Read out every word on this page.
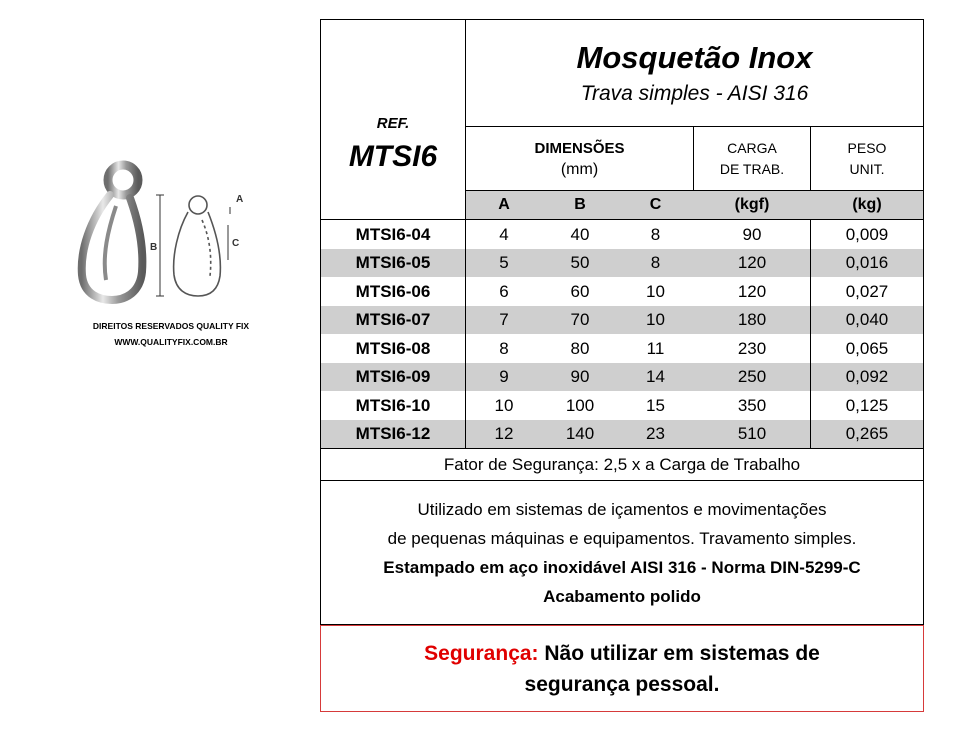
A
B	C
DIREITOS RESERVADOS QUALITY FIX
WWW.QUALITYFIX.COM.BR
REF.
MTSI6
Mosquetão Inox
Trava simples - AISI 316
DIMENSÕES
(mm)
CARGA
DE TRAB.
PESO
UNIT.
A	B	C	(kgf)	(kg)
MTSI6-04	4	40	8	90	0,009
MTSI6-05	5	50	8	120	0,016
MTSI6-06	6	60	10	120	0,027
MTSI6-07	7	70	10	180	0,040
MTSI6-08	8	80	11	230	0,065
MTSI6-09	9	90	14	250	0,092
MTSI6-10	10	100	15	350	0,125
MTSI6-12	12	140	23	510	0,265
Fator de Segurança: 2,5 x a Carga de Trabalho
Utilizado em sistemas de içamentos e movimentações
de pequenas máquinas e equipamentos. Travamento simples.
Estampado em aço inoxidável AISI 316 - Norma DIN-5299-C
Acabamento polido
Segurança: Não utilizar em sistemas de
segurança pessoal.
